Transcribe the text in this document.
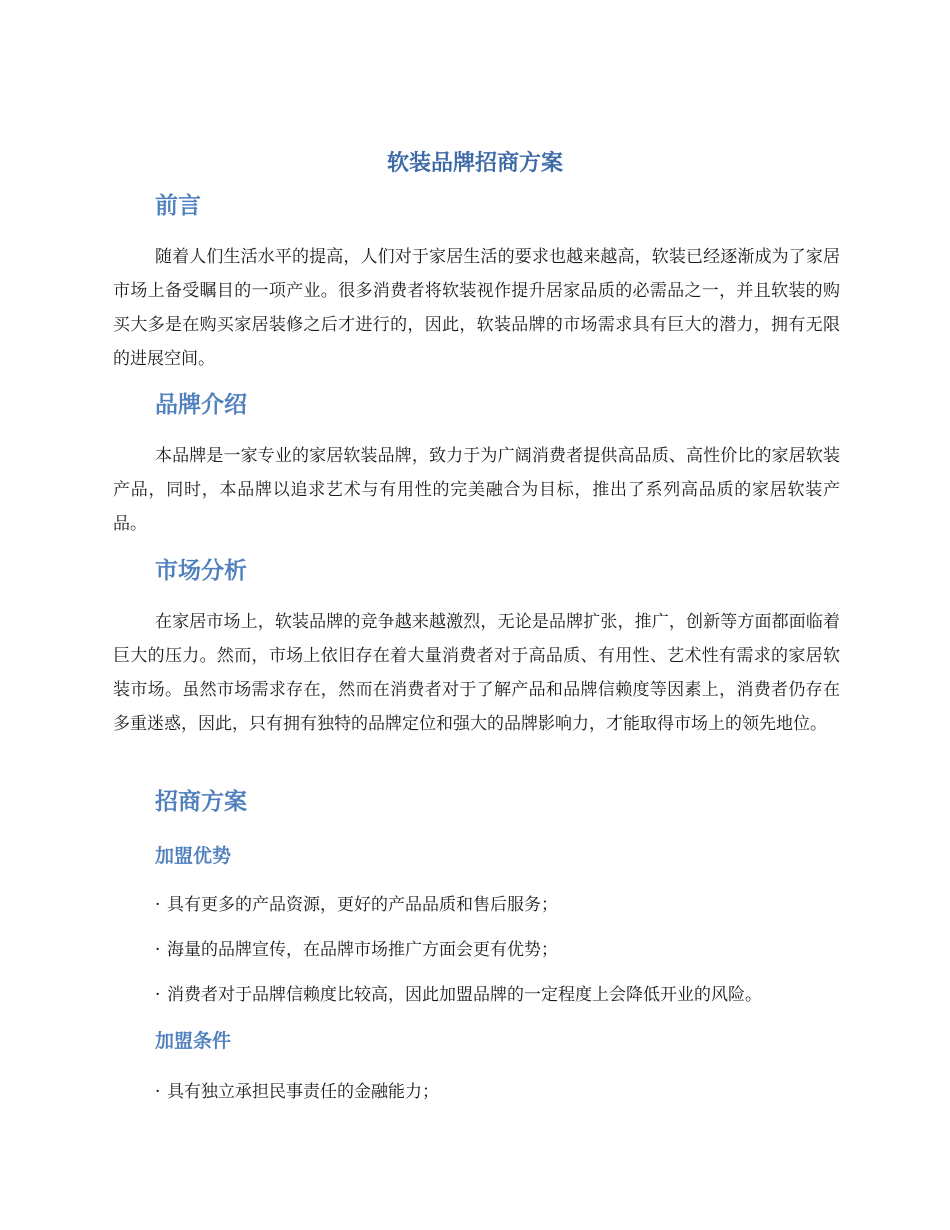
软装品牌招商方案
前言

随着人们生活水平的提高，人们对于家居生活的要求也越来越高，软装已经逐渐成为了家居市场上备受瞩目的一项产业。很多消费者将软装视作提升居家品质的必需品之一，并且软装的购买大多是在购买家居装修之后才进行的，因此，软装品牌的市场需求具有巨大的潜力，拥有无限的进展空间。

品牌介绍

本品牌是一家专业的家居软装品牌，致力于为广阔消费者提供高品质、高性价比的家居软装产品，同时，本品牌以追求艺术与有用性的完美融合为目标，推出了系列高品质的家居软装产品。

市场分析

在家居市场上，软装品牌的竞争越来越激烈，无论是品牌扩张，推广，创新等方面都面临着巨大的压力。然而，市场上依旧存在着大量消费者对于高品质、有用性、艺术性有需求的家居软装市场。虽然市场需求存在，然而在消费者对于了解产品和品牌信赖度等因素上，消费者仍存在多重迷惑，因此，只有拥有独特的品牌定位和强大的品牌影响力，才能取得市场上的领先地位。

招商方案
加盟优势

· 具有更多的产品资源，更好的产品品质和售后服务；

· 海量的品牌宣传，在品牌市场推广方面会更有优势；

· 消费者对于品牌信赖度比较高，因此加盟品牌的一定程度上会降低开业的风险。

加盟条件

· 具有独立承担民事责任的金融能力；
